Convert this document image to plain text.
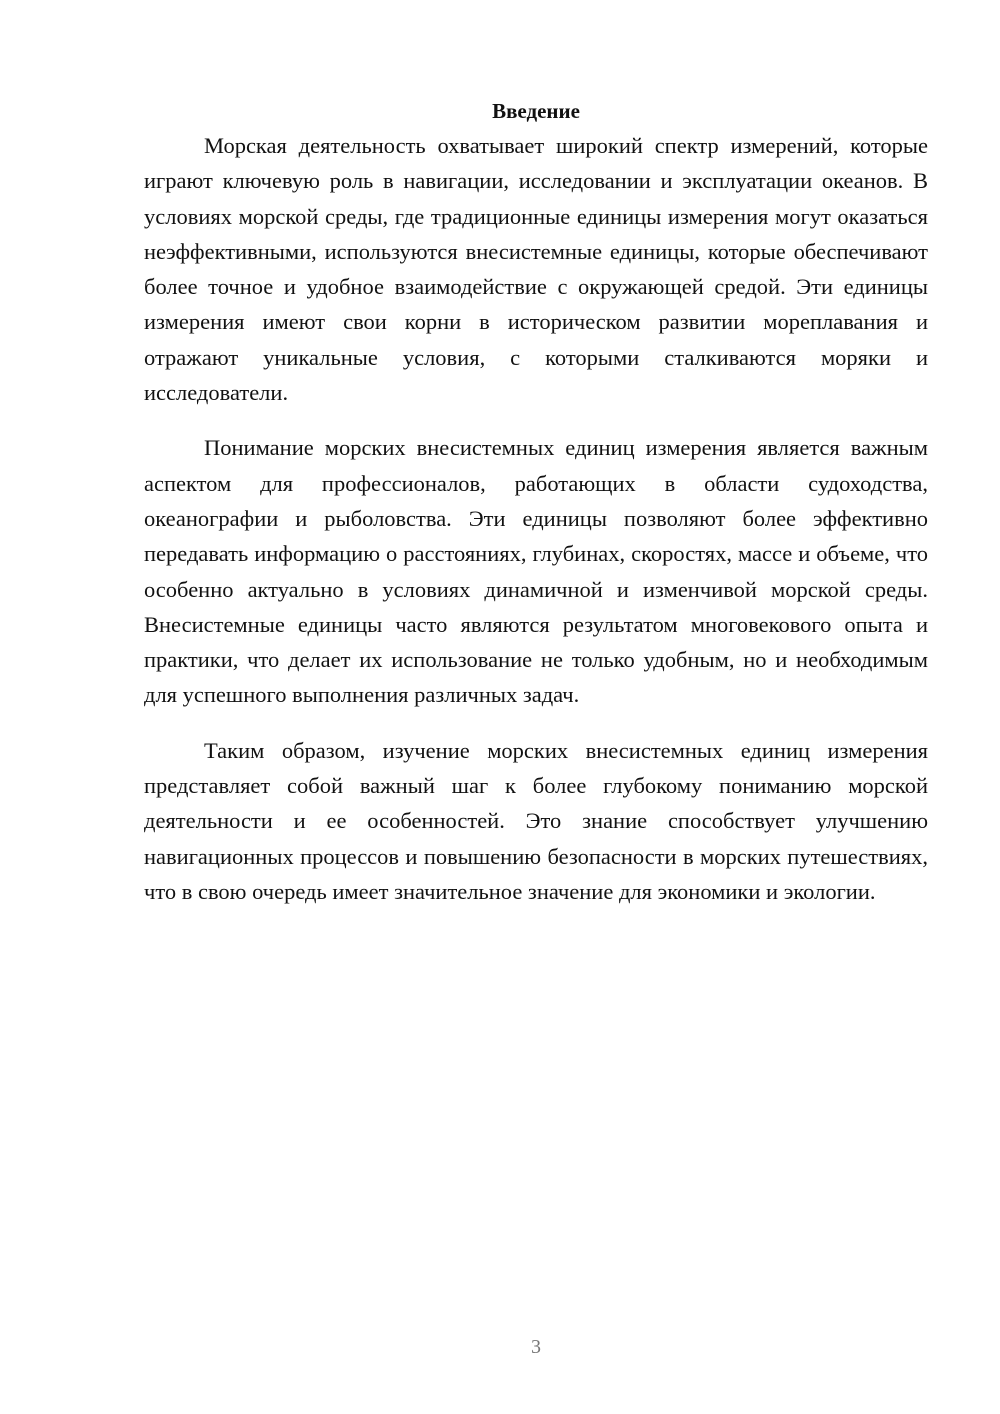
Введение

Морская деятельность охватывает широкий спектр измерений, которые играют ключевую роль в навигации, исследовании и эксплуатации океанов. В условиях морской среды, где традиционные единицы измерения могут оказаться неэффективными, используются внесистемные единицы, которые обеспечивают более точное и удобное взаимодействие с окружающей средой. Эти единицы измерения имеют свои корни в историческом развитии мореплавания и отражают уникальные условия, с которыми сталкиваются моряки и исследователи.

Понимание морских внесистемных единиц измерения является важным аспектом для профессионалов, работающих в области судоходства, океанографии и рыболовства. Эти единицы позволяют более эффективно передавать информацию о расстояниях, глубинах, скоростях, массе и объеме, что особенно актуально в условиях динамичной и изменчивой морской среды. Внесистемные единицы часто являются результатом многовекового опыта и практики, что делает их использование не только удобным, но и необходимым для успешного выполнения различных задач.

Таким образом, изучение морских внесистемных единиц измерения представляет собой важный шаг к более глубокому пониманию морской деятельности и ее особенностей. Это знание способствует улучшению навигационных процессов и повышению безопасности в морских путешествиях, что в свою очередь имеет значительное значение для экономики и экологии.

3
